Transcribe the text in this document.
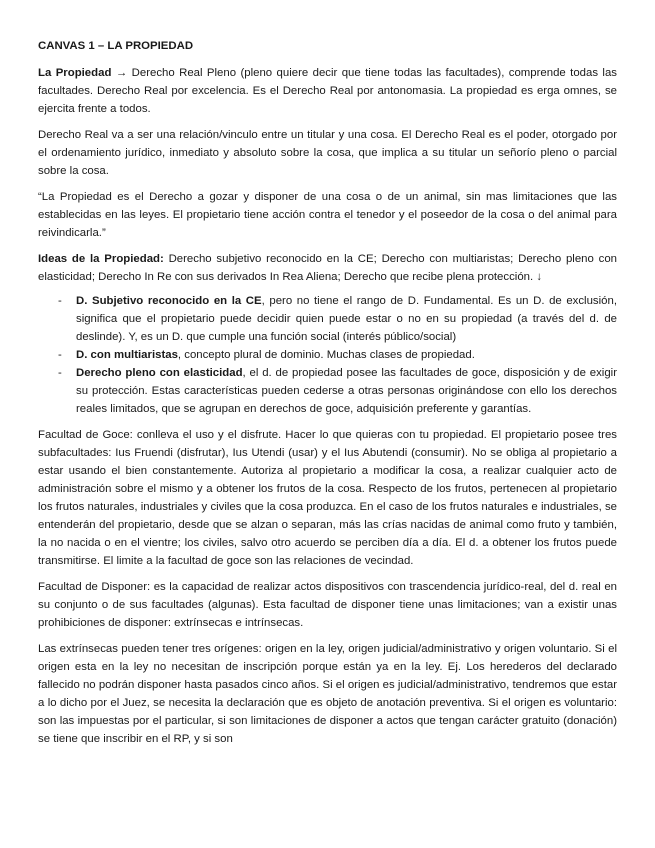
CANVAS 1 – LA PROPIEDAD

La Propiedad → Derecho Real Pleno (pleno quiere decir que tiene todas las facultades), comprende todas las facultades. Derecho Real por excelencia. Es el Derecho Real por antonomasia. La propiedad es erga omnes, se ejercita frente a todos.

Derecho Real va a ser una relación/vinculo entre un titular y una cosa. El Derecho Real es el poder, otorgado por el ordenamiento jurídico, inmediato y absoluto sobre la cosa, que implica a su titular un señorío pleno o parcial sobre la cosa.

“La Propiedad es el Derecho a gozar y disponer de una cosa o de un animal, sin mas limitaciones que las establecidas en las leyes. El propietario tiene acción contra el tenedor y el poseedor de la cosa o del animal para reivindicarla.”

Ideas de la Propiedad: Derecho subjetivo reconocido en la CE; Derecho con multiaristas; Derecho pleno con elasticidad; Derecho In Re con sus derivados In Rea Aliena; Derecho que recibe plena protección. ↓

- D. Subjetivo reconocido en la CE, pero no tiene el rango de D. Fundamental. Es un D. de exclusión, significa que el propietario puede decidir quien puede estar o no en su propiedad (a través del d. de deslinde). Y, es un D. que cumple una función social (interés público/social)
- D. con multiaristas, concepto plural de dominio. Muchas clases de propiedad.
- Derecho pleno con elasticidad, el d. de propiedad posee las facultades de goce, disposición y de exigir su protección. Estas características pueden cederse a otras personas originándose con ello los derechos reales limitados, que se agrupan en derechos de goce, adquisición preferente y garantías.

Facultad de Goce: conlleva el uso y el disfrute. Hacer lo que quieras con tu propiedad. El propietario posee tres subfacultades: Ius Fruendi (disfrutar), Ius Utendi (usar) y el Ius Abutendi (consumir). No se obliga al propietario a estar usando el bien constantemente. Autoriza al propietario a modificar la cosa, a realizar cualquier acto de administración sobre el mismo y a obtener los frutos de la cosa. Respecto de los frutos, pertenecen al propietario los frutos naturales, industriales y civiles que la cosa produzca. En el caso de los frutos naturales e industriales, se entenderán del propietario, desde que se alzan o separan, más las crías nacidas de animal como fruto y también, la no nacida o en el vientre; los civiles, salvo otro acuerdo se perciben día a día. El d. a obtener los frutos puede transmitirse. El limite a la facultad de goce son las relaciones de vecindad.

Facultad de Disponer: es la capacidad de realizar actos dispositivos con trascendencia jurídico-real, del d. real en su conjunto o de sus facultades (algunas). Esta facultad de disponer tiene unas limitaciones; van a existir unas prohibiciones de disponer: extrínsecas e intrínsecas.

Las extrínsecas pueden tener tres orígenes: origen en la ley, origen judicial/administrativo y origen voluntario. Si el origen esta en la ley no necesitan de inscripción porque están ya en la ley. Ej. Los herederos del declarado fallecido no podrán disponer hasta pasados cinco años. Si el origen es judicial/administrativo, tendremos que estar a lo dicho por el Juez, se necesita la declaración que es objeto de anotación preventiva. Si el origen es voluntario: son las impuestas por el particular, si son limitaciones de disponer a actos que tengan carácter gratuito (donación) se tiene que inscribir en el RP, y si son
